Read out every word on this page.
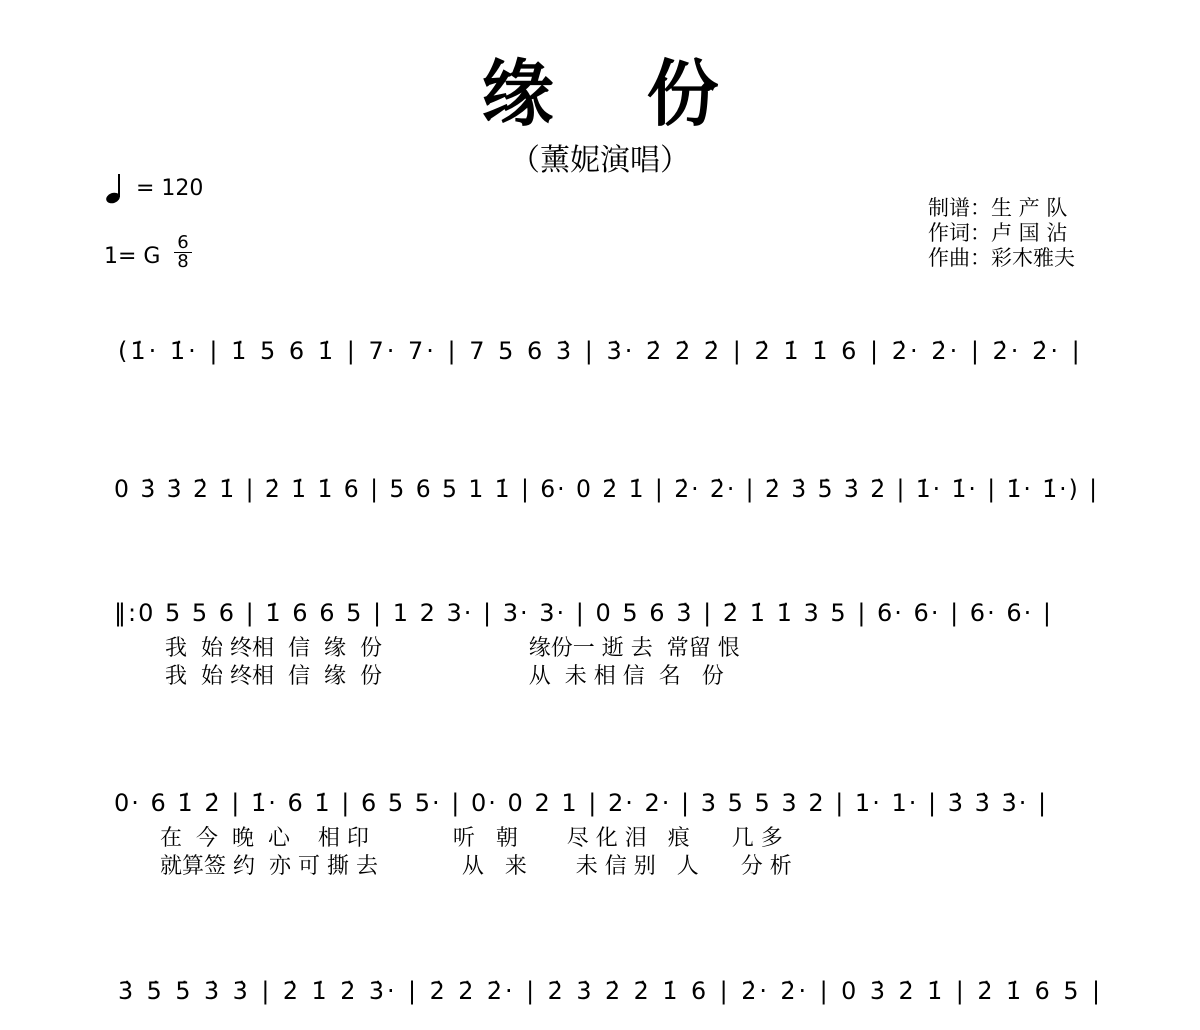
缘 份
（薰妮演唱）
= 120
1= G
6
8
制谱：生 产 队
作词：卢 国 沾
作曲：彩木雅夫
(1̇· 1̇· | 1̇ 5 6 1̇ | 7· 7· | 7 5 6 3̇ | 3̇· 2̇ 2̇ 2̇ | 2̇ 1̇ 1̇ 6 | 2̇· 2̇· | 2̇· 2̇· |
0 3̇ 3̇ 2̇ 1̇ | 2̇ 1̇ 1̇ 6 | 5 6 5 1 1̇ | 6· 0 2̇ 1̇ | 2̇· 2̇· | 2̇ 3̇ 5̇ 3̇ 2̇ | 1̇· 1̇· | 1̇· 1̇·) |
‖:0 5 5 6 | 1̇ 6 6 5 | 1 2 3· | 3· 3· | 0 5 6 3̇ | 2̇ 1̇ 1̇ 3 5 | 6· 6· | 6· 6· |

我  始 终相  信  缘  份                     缘份一 逝 去  常留 恨

我  始 终相  信  缘  份                     从  未 相 信  名   份

0· 6 1̇ 2̇ | 1̇· 6 1̇ | 6 5 5· | 0· 0 2 1 | 2· 2· | 3 5 5 3 2 | 1· 1· | 3̇ 3̇ 3̇· |

在  今  晚  心    相 印            听   朝       尽 化 泪   痕      几 多

就算签 约  亦 可 撕 去            从   来       未 信 别   人      分 析

3̇ 5̇ 5̇ 3̇ 3̇ | 2̇ 1̇ 2̇ 3̇· | 2̇ 2̇ 2̇· | 2̇ 3̇ 2̇ 2̇ 1̇ 6 | 2̇· 2̇· | 0 3̇ 2̇ 1̇ | 2̇ 1̇ 6 5 |
